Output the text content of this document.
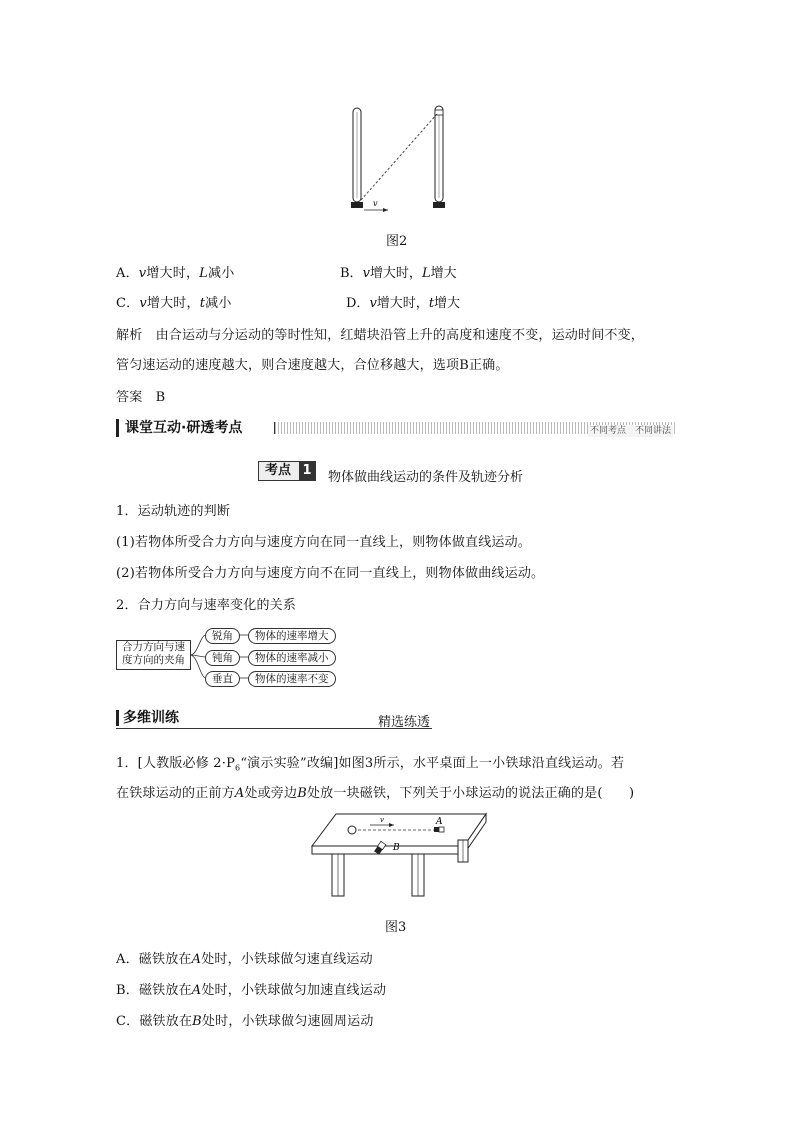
v
图2
A．v增大时，L减小	B．v增大时，L增大
C．v增大时，t减小	D．v增大时，t增大
解析　由合运动与分运动的等时性知，红蜡块沿管上升的高度和速度不变，运动时间不变，
管匀速运动的速度越大，则合速度越大，合位移越大，选项B正确。
答案　B
不同考点　不同讲法
课堂互动·研透考点
考点 1 物体做曲线运动的条件及轨迹分析
1．运动轨迹的判断
(1)若物体所受合力方向与速度方向在同一直线上，则物体做直线运动。
(2)若物体所受合力方向与速度方向不在同一直线上，则物体做曲线运动。
2．合力方向与速率变化的关系
合力方向与速
度方向的夹角
锐角	物体的速率增大
钝角	物体的速率减小
垂直	物体的速率不变
多维训练	精选练透
1．[人教版必修 $2\cdot P_6“$演示实验”改编]如图3所示，水平桌面上一小铁球沿直线运动。若
在铁球运动的正前方A处或旁边B处放一块磁铁，下列关于小球运动的说法正确的是(　　)
v	A
B
图3
A．磁铁放在A处时，小铁球做匀速直线运动
B．磁铁放在A处时，小铁球做匀加速直线运动
C．磁铁放在B处时，小铁球做匀速圆周运动
